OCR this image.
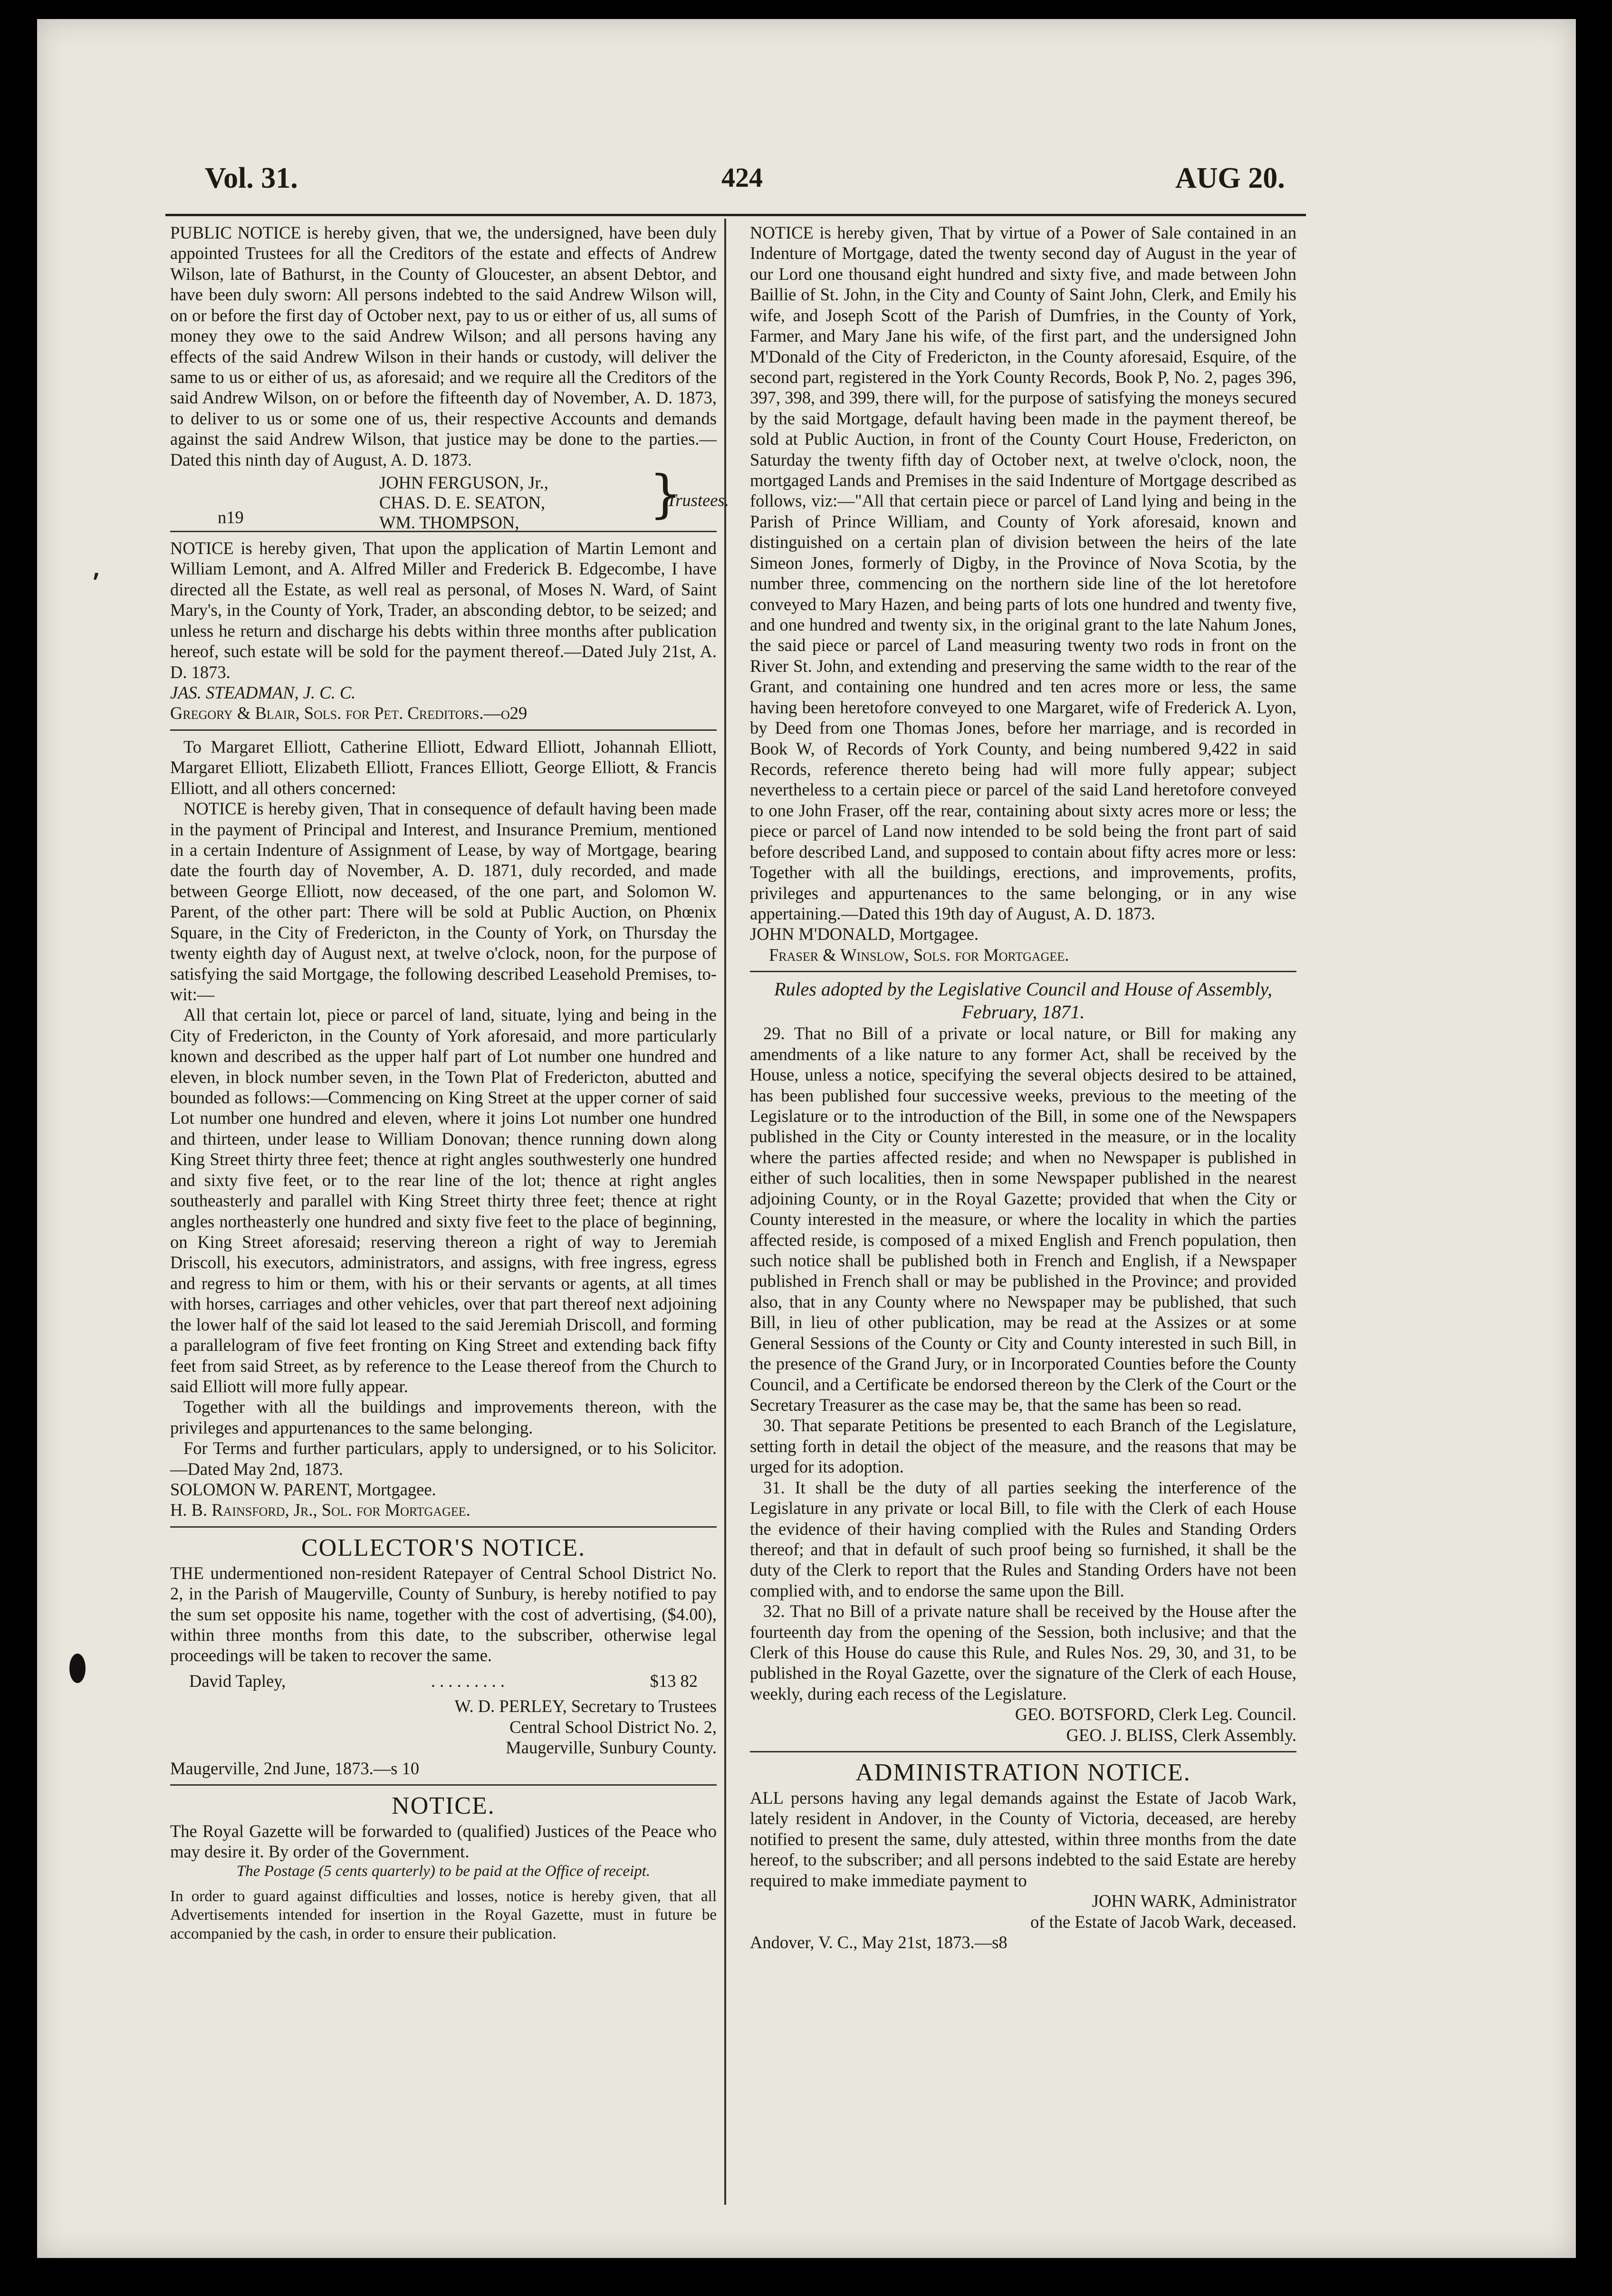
Vol. 31.	424	AUG 20.
⸴

PUBLIC NOTICE is hereby given, that we, the undersigned, have been duly appointed Trustees for all the Creditors of the estate and effects of Andrew Wilson, late of Bathurst, in the County of Gloucester, an absent Debtor, and have been duly sworn: All persons indebted to the said Andrew Wilson will, on or before the first day of October next, pay to us or either of us, all sums of money they owe to the said Andrew Wilson; and all persons having any effects of the said Andrew Wilson in their hands or custody, will deliver the same to us or either of us, as aforesaid; and we require all the Creditors of the said Andrew Wilson, on or before the fifteenth day of November, A. D. 1873, to deliver to us or some one of us, their respective Accounts and demands against the said Andrew Wilson, that justice may be done to the parties.—Dated this ninth day of August, A. D. 1873.

JOHN FERGUSON, Jr.,
CHAS. D. E. SEATON,
WM. THOMPSON,	}
Trustees.
n19

NOTICE is hereby given, That upon the application of Martin Lemont and William Lemont, and A. Alfred Miller and Frederick B. Edgecombe, I have directed all the Estate, as well real as personal, of Moses N. Ward, of Saint Mary's, in the County of York, Trader, an absconding debtor, to be seized; and unless he return and discharge his debts within three months after publication hereof, such estate will be sold for the payment thereof.—Dated July 21st, A. D. 1873.

JAS. STEADMAN, J. C. C.

Gregory & Blair, Sols. for Pet. Creditors.—o29

To Margaret Elliott, Catherine Elliott, Edward Elliott, Johannah Elliott, Margaret Elliott, Elizabeth Elliott, Frances Elliott, George Elliott, & Francis Elliott, and all others concerned:

NOTICE is hereby given, That in consequence of default having been made in the payment of Principal and Interest, and Insurance Premium, mentioned in a certain Indenture of Assignment of Lease, by way of Mortgage, bearing date the fourth day of November, A. D. 1871, duly recorded, and made between George Elliott, now deceased, of the one part, and Solomon W. Parent, of the other part: There will be sold at Public Auction, on Phœnix Square, in the City of Fredericton, in the County of York, on Thursday the twenty eighth day of August next, at twelve o'clock, noon, for the purpose of satisfying the said Mortgage, the following described Leasehold Premises, to-wit:—

All that certain lot, piece or parcel of land, situate, lying and being in the City of Fredericton, in the County of York aforesaid, and more particularly known and described as the upper half part of Lot number one hundred and eleven, in block number seven, in the Town Plat of Fredericton, abutted and bounded as follows:—Commencing on King Street at the upper corner of said Lot number one hundred and eleven, where it joins Lot number one hundred and thirteen, under lease to William Donovan; thence running down along King Street thirty three feet; thence at right angles southwesterly one hundred and sixty five feet, or to the rear line of the lot; thence at right angles southeasterly and parallel with King Street thirty three feet; thence at right angles northeasterly one hundred and sixty five feet to the place of beginning, on King Street aforesaid; reserving thereon a right of way to Jeremiah Driscoll, his executors, administrators, and assigns, with free ingress, egress and regress to him or them, with his or their servants or agents, at all times with horses, carriages and other vehicles, over that part thereof next adjoining the lower half of the said lot leased to the said Jeremiah Driscoll, and forming a parallelogram of five feet fronting on King Street and extending back fifty feet from said Street, as by reference to the Lease thereof from the Church to said Elliott will more fully appear.

Together with all the buildings and improvements thereon, with the privileges and appurtenances to the same belonging.

For Terms and further particulars, apply to undersigned, or to his Solicitor.—Dated May 2nd, 1873.

SOLOMON W. PARENT, Mortgagee.

H. B. Rainsford, Jr., Sol. for Mortgagee.

COLLECTOR'S NOTICE.

THE undermentioned non-resident Ratepayer of Central School District No. 2, in the Parish of Maugerville, County of Sunbury, is hereby notified to pay the sum set opposite his name, together with the cost of advertising, ($4.00), within three months from this date, to the subscriber, otherwise legal proceedings will be taken to recover the same.

David Tapley,	. . . . . . . . .	$13 82

W. D. PERLEY, Secretary to Trustees

Central School District No. 2,

Maugerville, Sunbury County.

Maugerville, 2nd June, 1873.—s 10

NOTICE.

The Royal Gazette will be forwarded to (qualified) Justices of the Peace who may desire it. By order of the Government.

The Postage (5 cents quarterly) to be paid at the Office of receipt.

In order to guard against difficulties and losses, notice is hereby given, that all Advertisements intended for insertion in the Royal Gazette, must in future be accompanied by the cash, in order to ensure their publication.

NOTICE is hereby given, That by virtue of a Power of Sale contained in an Indenture of Mortgage, dated the twenty second day of August in the year of our Lord one thousand eight hundred and sixty five, and made between John Baillie of St. John, in the City and County of Saint John, Clerk, and Emily his wife, and Joseph Scott of the Parish of Dumfries, in the County of York, Farmer, and Mary Jane his wife, of the first part, and the undersigned John M'Donald of the City of Fredericton, in the County aforesaid, Esquire, of the second part, registered in the York County Records, Book P, No. 2, pages 396, 397, 398, and 399, there will, for the purpose of satisfying the moneys secured by the said Mortgage, default having been made in the payment thereof, be sold at Public Auction, in front of the County Court House, Fredericton, on Saturday the twenty fifth day of October next, at twelve o'clock, noon, the mortgaged Lands and Premises in the said Indenture of Mortgage described as follows, viz:—"All that certain piece or parcel of Land lying and being in the Parish of Prince William, and County of York aforesaid, known and distinguished on a certain plan of division between the heirs of the late Simeon Jones, formerly of Digby, in the Province of Nova Scotia, by the number three, commencing on the northern side line of the lot heretofore conveyed to Mary Hazen, and being parts of lots one hundred and twenty five, and one hundred and twenty six, in the original grant to the late Nahum Jones, the said piece or parcel of Land measuring twenty two rods in front on the River St. John, and extending and preserving the same width to the rear of the Grant, and containing one hundred and ten acres more or less, the same having been heretofore conveyed to one Margaret, wife of Frederick A. Lyon, by Deed from one Thomas Jones, before her marriage, and is recorded in Book W, of Records of York County, and being numbered 9,422 in said Records, reference thereto being had will more fully appear; subject nevertheless to a certain piece or parcel of the said Land heretofore conveyed to one John Fraser, off the rear, containing about sixty acres more or less; the piece or parcel of Land now intended to be sold being the front part of said before described Land, and supposed to contain about fifty acres more or less: Together with all the buildings, erections, and improvements, profits, privileges and appurtenances to the same belonging, or in any wise appertaining.—Dated this 19th day of August, A. D. 1873.

JOHN M'DONALD, Mortgagee.

Fraser & Winslow, Sols. for Mortgagee.

Rules adopted by the Legislative Council and House of Assembly, February, 1871.

29. That no Bill of a private or local nature, or Bill for making any amendments of a like nature to any former Act, shall be received by the House, unless a notice, specifying the several objects desired to be attained, has been published four successive weeks, previous to the meeting of the Legislature or to the introduction of the Bill, in some one of the Newspapers published in the City or County interested in the measure, or in the locality where the parties affected reside; and when no Newspaper is published in either of such localities, then in some Newspaper published in the nearest adjoining County, or in the Royal Gazette; provided that when the City or County interested in the measure, or where the locality in which the parties affected reside, is composed of a mixed English and French population, then such notice shall be published both in French and English, if a Newspaper published in French shall or may be published in the Province; and provided also, that in any County where no Newspaper may be published, that such Bill, in lieu of other publication, may be read at the Assizes or at some General Sessions of the County or City and County interested in such Bill, in the presence of the Grand Jury, or in Incorporated Counties before the County Council, and a Certificate be endorsed thereon by the Clerk of the Court or the Secretary Treasurer as the case may be, that the same has been so read.

30. That separate Petitions be presented to each Branch of the Legislature, setting forth in detail the object of the measure, and the reasons that may be urged for its adoption.

31. It shall be the duty of all parties seeking the interference of the Legislature in any private or local Bill, to file with the Clerk of each House the evidence of their having complied with the Rules and Standing Orders thereof; and that in default of such proof being so furnished, it shall be the duty of the Clerk to report that the Rules and Standing Orders have not been complied with, and to endorse the same upon the Bill.

32. That no Bill of a private nature shall be received by the House after the fourteenth day from the opening of the Session, both inclusive; and that the Clerk of this House do cause this Rule, and Rules Nos. 29, 30, and 31, to be published in the Royal Gazette, over the signature of the Clerk of each House, weekly, during each recess of the Legislature.

GEO. BOTSFORD, Clerk Leg. Council.

GEO. J. BLISS, Clerk Assembly.

ADMINISTRATION NOTICE.

ALL persons having any legal demands against the Estate of Jacob Wark, lately resident in Andover, in the County of Victoria, deceased, are hereby notified to present the same, duly attested, within three months from the date hereof, to the subscriber; and all persons indebted to the said Estate are hereby required to make immediate payment to

JOHN WARK, Administrator

of the Estate of Jacob Wark, deceased.

Andover, V. C., May 21st, 1873.—s8
